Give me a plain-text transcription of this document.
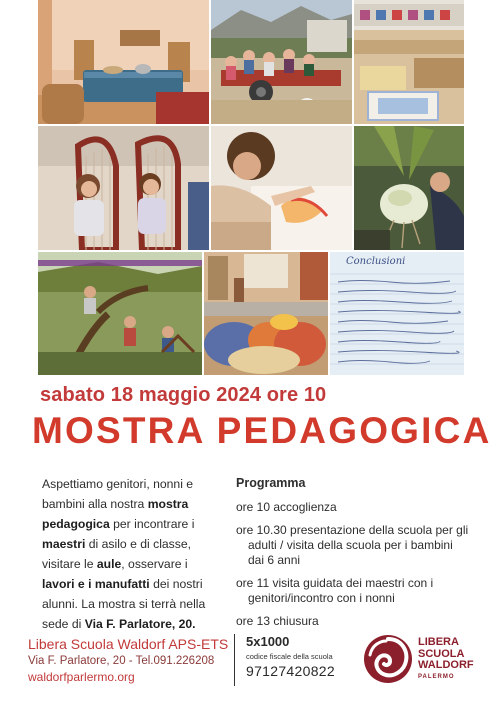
Conclusioni
sabato 18 maggio 2024 ore 10
MOSTRA PEDAGOGICA

Aspettiamo genitori, nonni e bambini alla nostra mostra pedagogica per incontrare i maestri di asilo e di classe, visitare le aule, osservare i lavori e i manufatti dei nostri alunni. La mostra si terrà nella sede di Via F. Parlatore, 20.

Programma
ore 10 accoglienza
ore 10.30 presentazione della scuola per gli adulti / visita della scuola per i bambini dai 6 anni
ore 11 visita guidata dei maestri con i genitori/incontro con i nonni
ore 13 chiusura
Libera Scuola Waldorf APS-ETS
Via F. Parlatore, 20 - Tel.091.226208
waldorfparlermo.org
5x1000
codice fiscale della scuola
97127420822
LIBERA
SCUOLA
WALDORF
PALERMO
